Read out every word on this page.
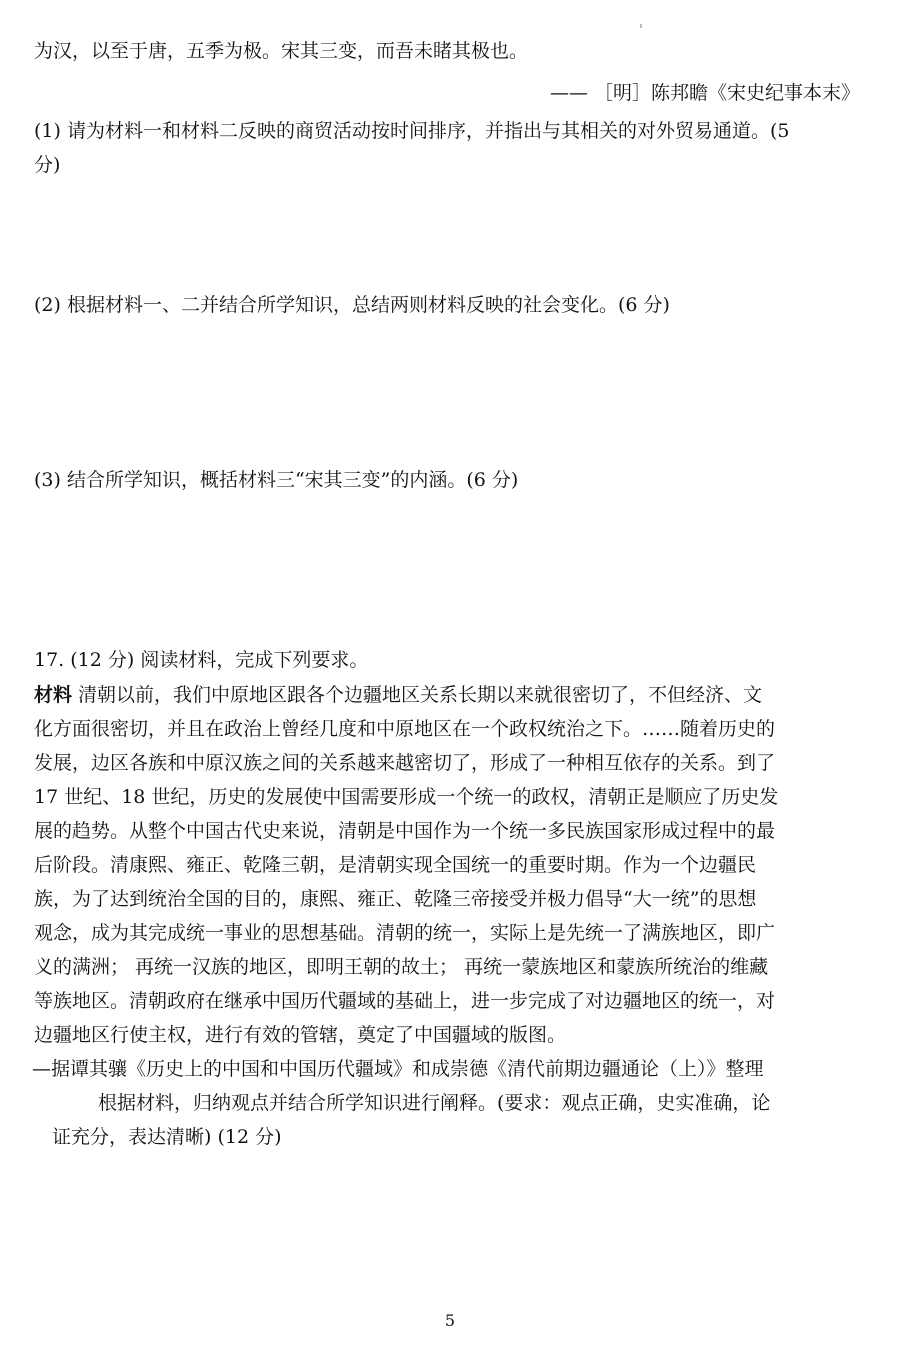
为汉，以至于唐，五季为极。宋其三变，而吾未睹其极也。
—— ［明］陈邦瞻《宋史纪事本末》
(1) 请为材料一和材料二反映的商贸活动按时间排序，并指出与其相关的对外贸易通道。(5
分)
(2) 根据材料一、二并结合所学知识，总结两则材料反映的社会变化。(6 分)
(3) 结合所学知识，概括材料三“宋其三变”的内涵。(6 分)
17. (12 分) 阅读材料，完成下列要求。
材料 清朝以前，我们中原地区跟各个边疆地区关系长期以来就很密切了，不但经济、文
化方面很密切，并且在政治上曾经几度和中原地区在一个政权统治之下。……随着历史的
发展，边区各族和中原汉族之间的关系越来越密切了，形成了一种相互依存的关系。到了
17 世纪、18 世纪，历史的发展使中国需要形成一个统一的政权，清朝正是顺应了历史发
展的趋势。从整个中国古代史来说，清朝是中国作为一个统一多民族国家形成过程中的最
后阶段。清康熙、雍正、乾隆三朝，是清朝实现全国统一的重要时期。作为一个边疆民
族，为了达到统治全国的目的，康熙、雍正、乾隆三帝接受并极力倡导“大一统”的思想
观念，成为其完成统一事业的思想基础。清朝的统一，实际上是先统一了满族地区，即广
义的满洲； 再统一汉族的地区，即明王朝的故土； 再统一蒙族地区和蒙族所统治的维藏
等族地区。清朝政府在继承中国历代疆域的基础上，进一步完成了对边疆地区的统一，对
边疆地区行使主权，进行有效的管辖，奠定了中国疆域的版图。
—据谭其骧《历史上的中国和中国历代疆域》和成崇德《清代前期边疆通论（上）》整理
根据材料，归纳观点并结合所学知识进行阐释。(要求：观点正确，史实准确，论
证充分，表达清晰) (12 分)
5
